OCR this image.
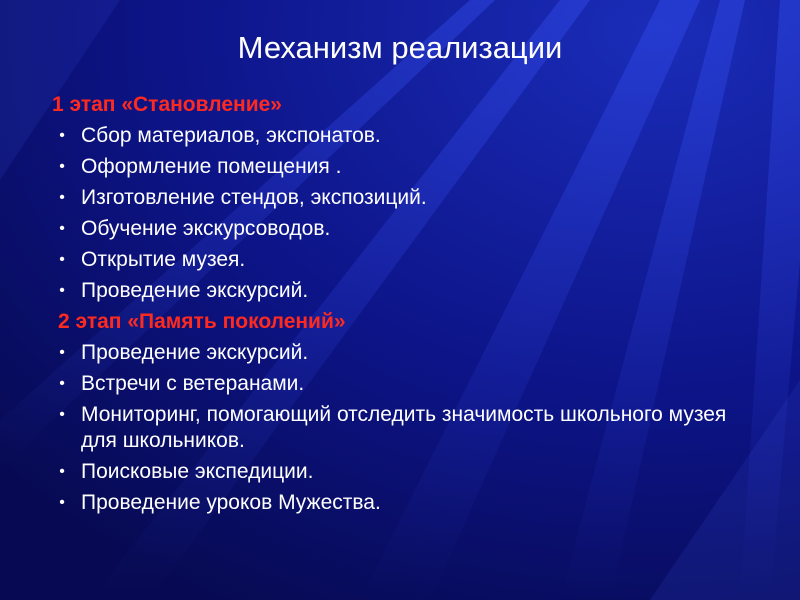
Механизм реализации
1 этап «Становление»
• Сбор материалов, экспонатов.
• Оформление помещения .
• Изготовление стендов, экспозиций.
• Обучение экскурсоводов.
• Открытие музея.
• Проведение экскурсий.
2 этап «Память поколений»
• Проведение экскурсий.
• Встречи с ветеранами.
• Мониторинг, помогающий отследить значимость школьного музея для школьников.
• Поисковые экспедиции.
• Проведение уроков Мужества.
